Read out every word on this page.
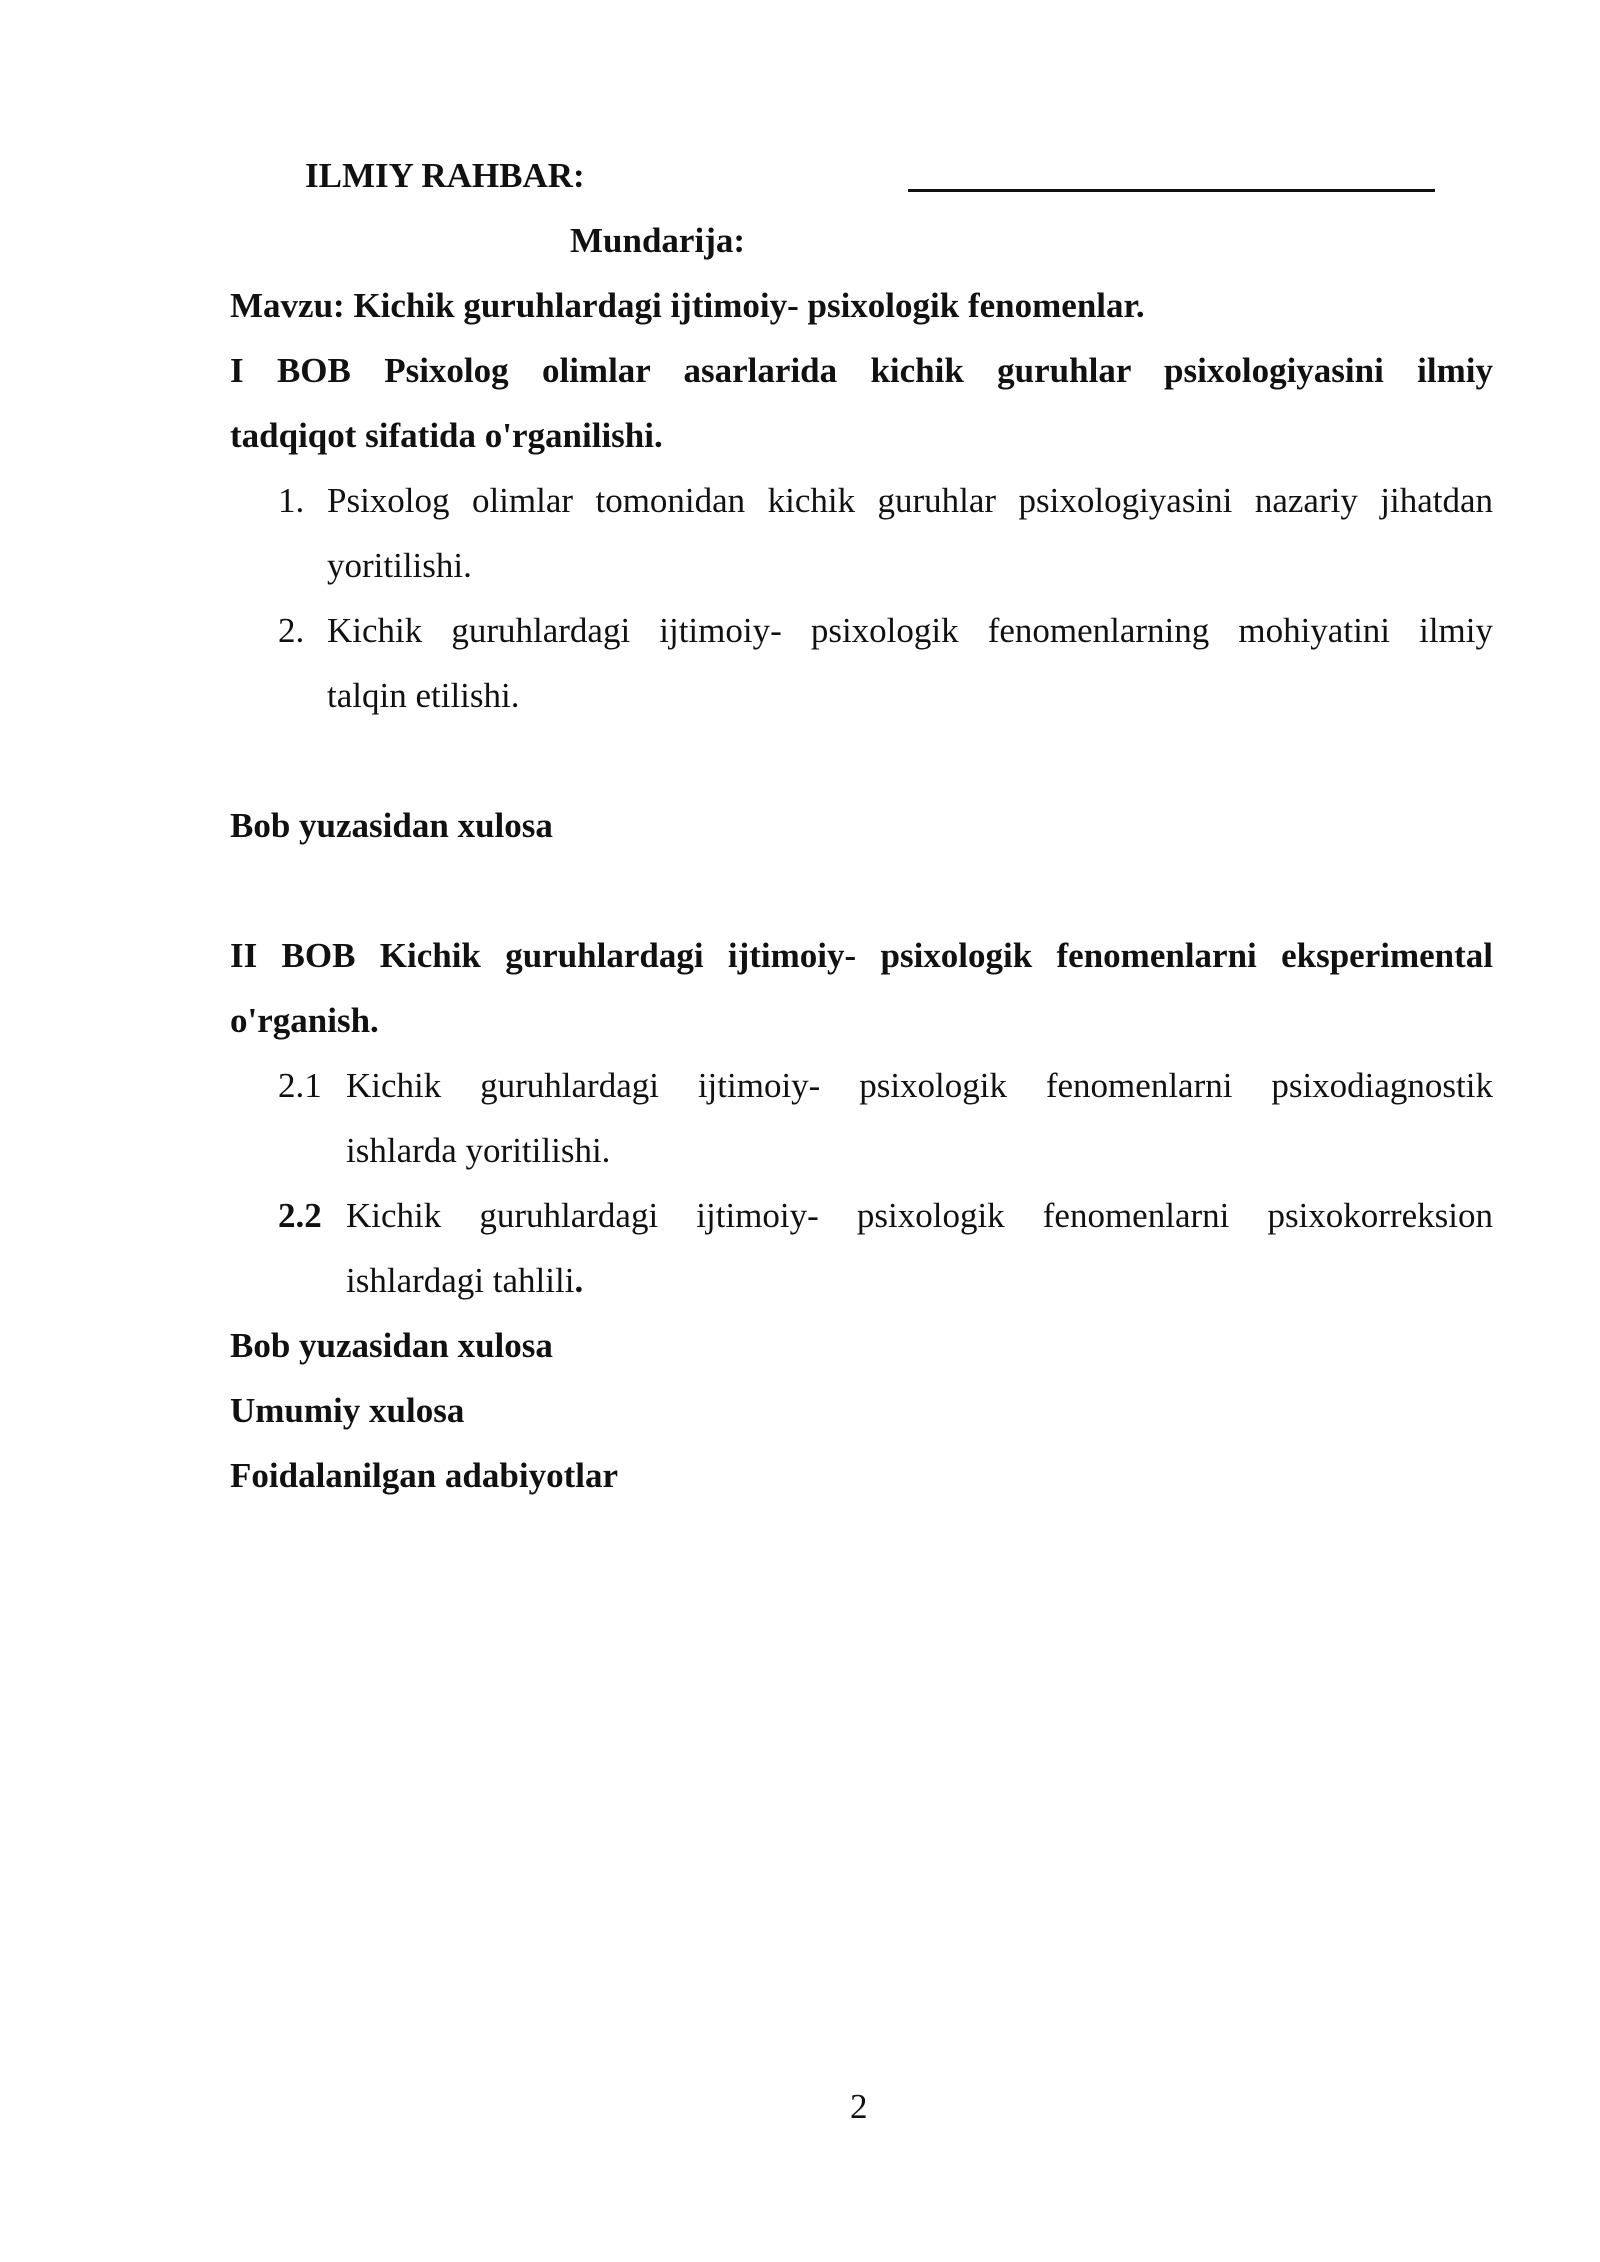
ILMIY RAHBAR:
Mundarija:
Mavzu: Kichik guruhlardagi ijtimoiy- psixologik fenomenlar.
I BOB Psixolog olimlar asarlarida kichik guruhlar psixologiyasini ilmiy
tadqiqot sifatida o'rganilishi.
1. Psixolog olimlar tomonidan kichik guruhlar psixologiyasini nazariy jihatdan
yoritilishi.
2. Kichik guruhlardagi ijtimoiy- psixologik fenomenlarning mohiyatini ilmiy
talqin etilishi.
Bob yuzasidan xulosa
II BOB Kichik guruhlardagi ijtimoiy- psixologik fenomenlarni eksperimental
o'rganish.
2.1 Kichik guruhlardagi ijtimoiy- psixologik fenomenlarni psixodiagnostik
ishlarda yoritilishi.
2.2 Kichik guruhlardagi ijtimoiy- psixologik fenomenlarni psixokorreksion
ishlardagi tahlili.
Bob yuzasidan xulosa
Umumiy xulosa
Foidalanilgan adabiyotlar
2
